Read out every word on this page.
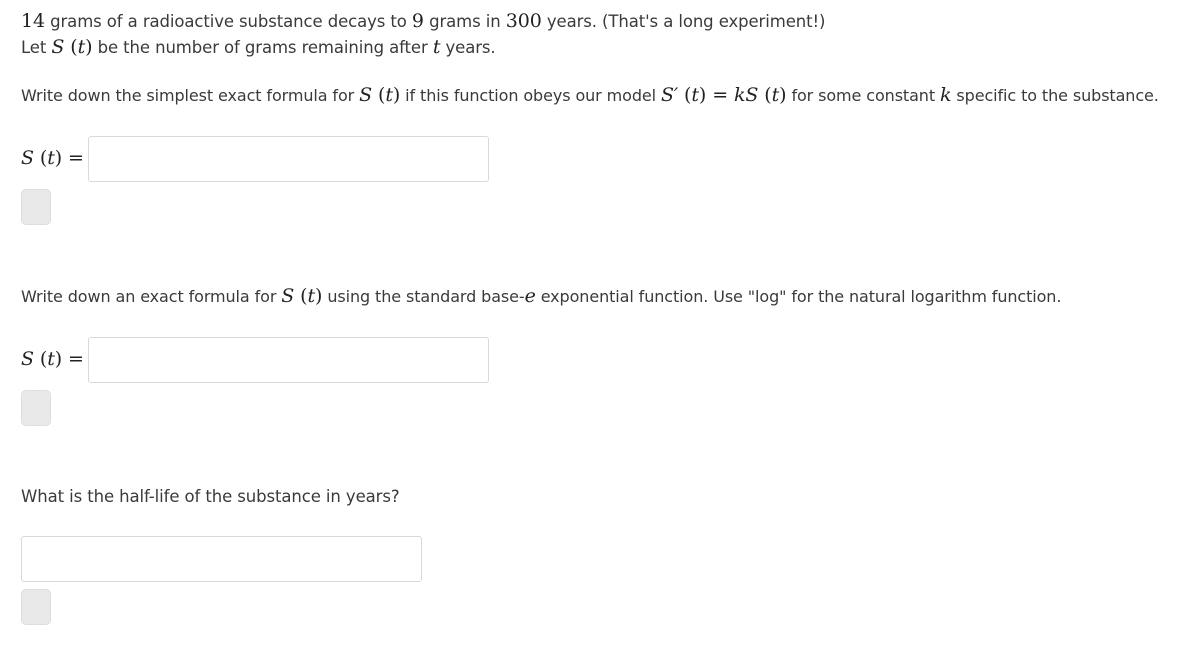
14 grams of a radioactive substance decays to 9 grams in 300 years. (That's a long experiment!)
Let S (t) be the number of grams remaining after t years.
Write down the simplest exact formula for S (t) if this function obeys our model S′ (t) = kS (t) for some constant k specific to the substance.
S (t) =
Write down an exact formula for S (t) using the standard base-e exponential function. Use "log" for the natural logarithm function.
S (t) =
What is the half-life of the substance in years?
